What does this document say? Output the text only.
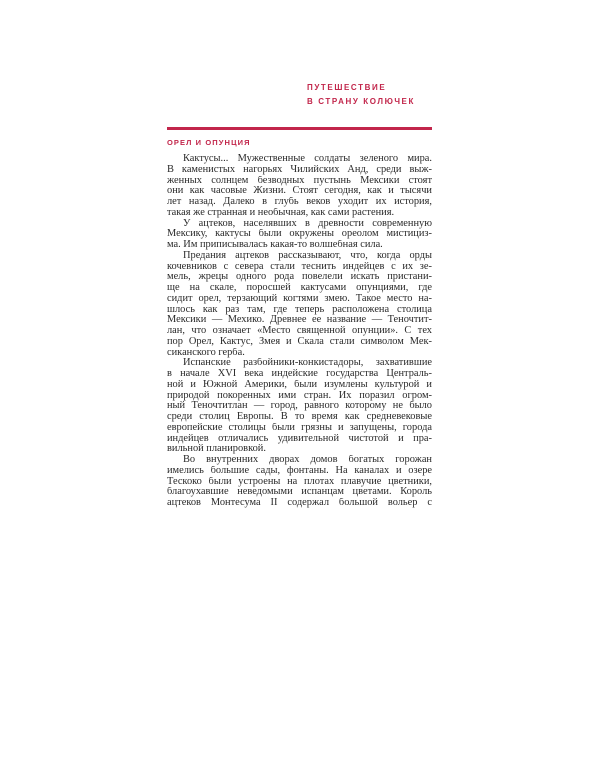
ПУТЕШЕСТВИЕ
В СТРАНУ КОЛЮЧЕК
ОРЕЛ И ОПУНЦИЯ
Кактусы... Мужественные солдаты зеленого мира.
В каменистых нагорьях Чилийских Анд, среди выж-
женных солнцем безводных пустынь Мексики стоят
они как часовые Жизни. Стоят сегодня, как и тысячи
лет назад. Далеко в глубь веков уходит их история,
такая же странная и необычная, как сами растения.
У ацтеков, населявших в древности современную
Мексику, кактусы были окружены ореолом мистициз-
ма. Им приписывалась какая-то волшебная сила.
Предания ацтеков рассказывают, что, когда орды
кочевников с севера стали теснить индейцев с их зе-
мель, жрецы одного рода повелели искать пристани-
ще на скале, поросшей кактусами опунциями, где
сидит орел, терзающий когтями змею. Такое место на-
шлось как раз там, где теперь расположена столица
Мексики — Мехико. Древнее ее название — Теночтит-
лан, что означает «Место священной опунции». С тех
пор Орел, Кактус, Змея и Скала стали символом Мек-
сиканского герба.
Испанские разбойники-конкистадоры, захватившие
в начале XVI века индейские государства Централь-
ной и Южной Америки, были изумлены культурой и
природой покоренных ими стран. Их поразил огром-
ный Теночтитлан — город, равного которому не было
среди столиц Европы. В то время как средневековые
европейские столицы были грязны и запущены, города
индейцев отличались удивительной чистотой и пра-
вильной планировкой.
Во внутренних дворах домов богатых горожан
имелись большие сады, фонтаны. На каналах и озере
Тескоко были устроены на плотах плавучие цветники,
благоухавшие неведомыми испанцам цветами. Король
ацтеков Монтесума II содержал большой вольер с
